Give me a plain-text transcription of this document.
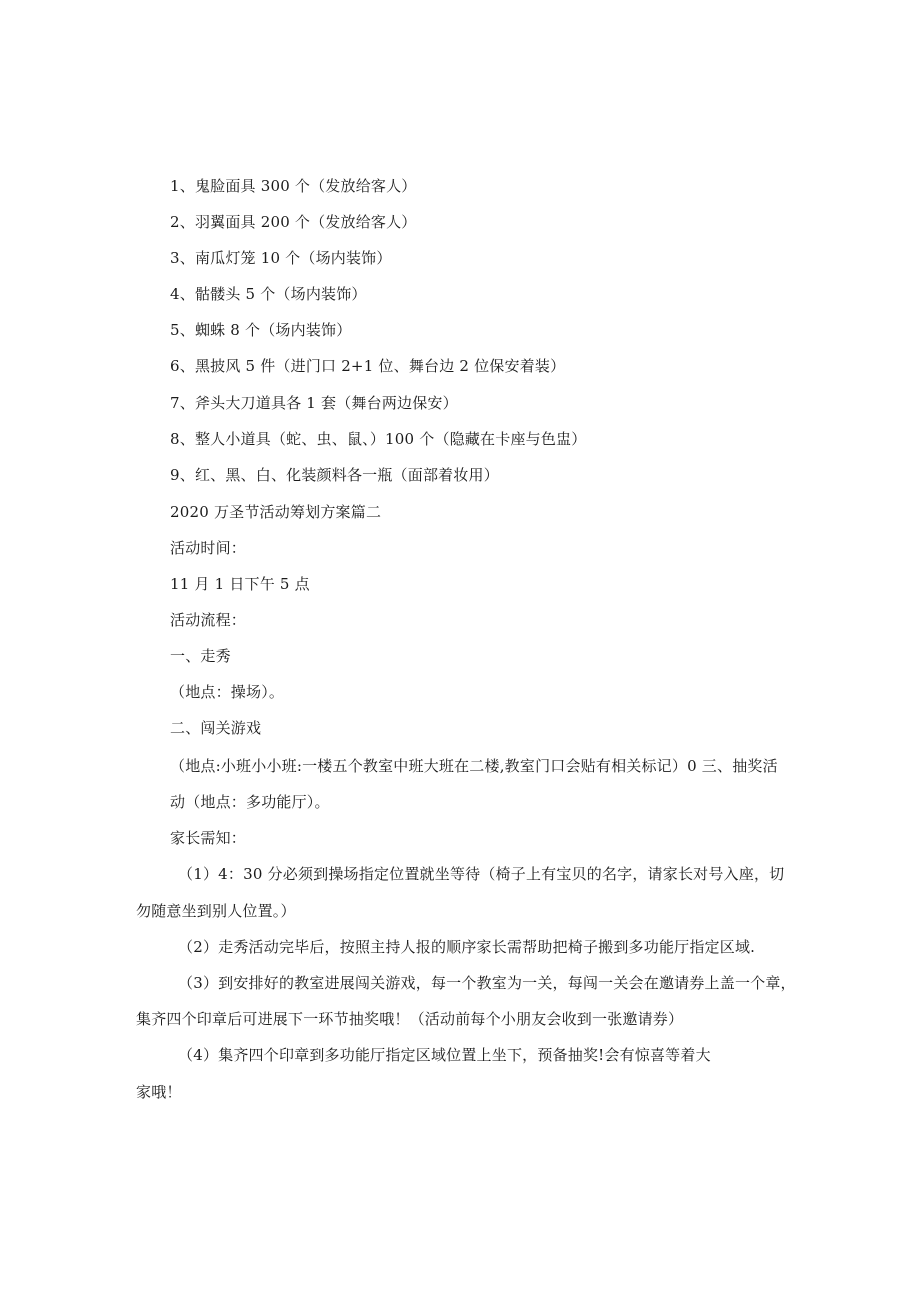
1、鬼脸面具 300 个（发放给客人）
2、羽翼面具 200 个（发放给客人）
3、南瓜灯笼 10 个（场内装饰）
4、骷髅头 5 个（场内装饰）
5、蜘蛛 8 个（场内装饰）
6、黑披风 5 件（进门口 2+1 位、舞台边 2 位保安着装）
7、斧头大刀道具各 1 套（舞台两边保安）
8、整人小道具（蛇、虫、鼠、）100 个（隐藏在卡座与色盅）
9、红、黑、白、化装颜料各一瓶（面部着妆用）
2020 万圣节活动筹划方案篇二
活动时间：
11 月 1 日下午 5 点
活动流程：
一、走秀
（地点：操场）。
二、闯关游戏
（地点:小班小小班:一楼五个教室中班大班在二楼,教室门口会贴有相关标记）0 三、抽奖活
动（地点：多功能厅）。
家长需知：
（1）4：30 分必须到操场指定位置就坐等待（椅子上有宝贝的名字，请家长对号入座，切
勿随意坐到别人位置。）
（2）走秀活动完毕后，按照主持人报的顺序家长需帮助把椅子搬到多功能厅指定区域.
（3）到安排好的教室进展闯关游戏，每一个教室为一关，每闯一关会在邀请券上盖一个章，
集齐四个印章后可进展下一环节抽奖哦！（活动前每个小朋友会收到一张邀请券）
（4）集齐四个印章到多功能厅指定区域位置上坐下，预备抽奖!会有惊喜等着大
家哦！
